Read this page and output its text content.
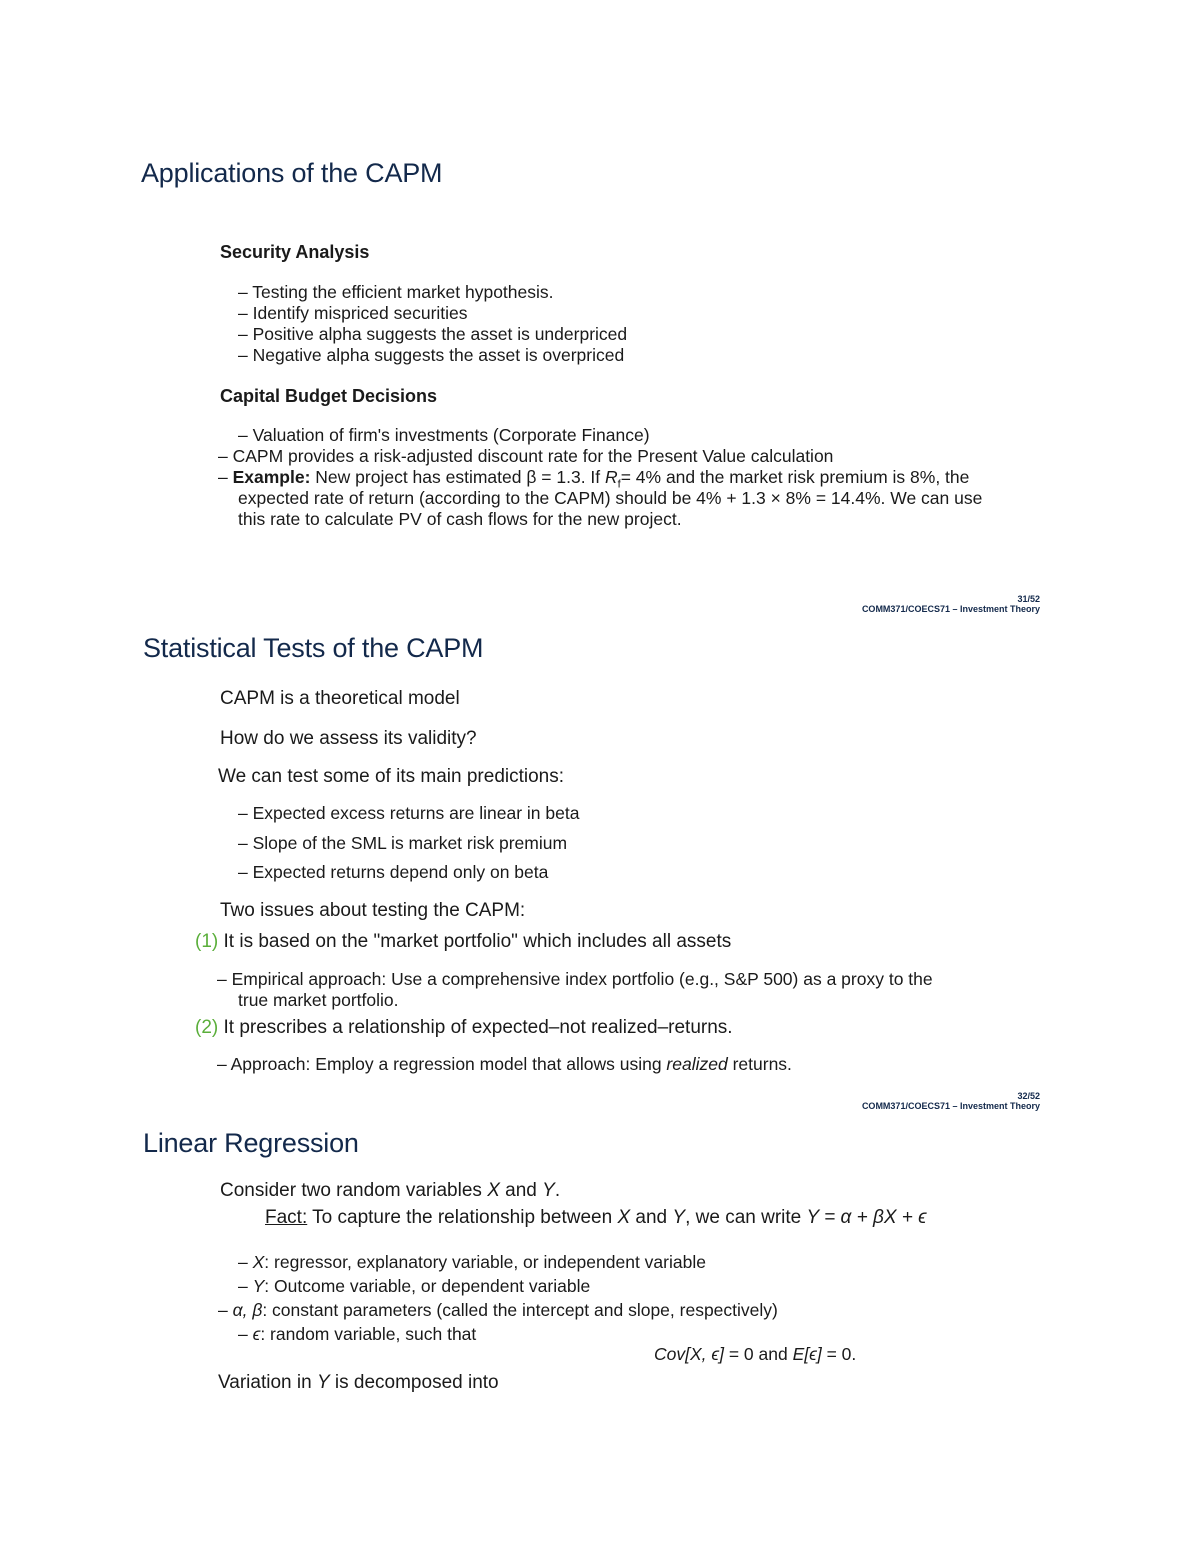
Applications of the CAPM
Security Analysis
– Testing the efficient market hypothesis.
– Identify mispriced securities
– Positive alpha suggests the asset is underpriced
– Negative alpha suggests the asset is overpriced
Capital Budget Decisions
– Valuation of firm's investments (Corporate Finance)
– CAPM provides a risk-adjusted discount rate for the Present Value calculation
– Example: New project has estimated β = 1.3. If $R_f= 4\%$ and the market risk premium is 8%, the
expected rate of return (according to the CAPM) should be 4% + 1.3 × 8% = 14.4%. We can use
this rate to calculate PV of cash flows for the new project.
31/52
COMM371/COECS71 – Investment Theory
Statistical Tests of the CAPM
CAPM is a theoretical model
How do we assess its validity?
We can test some of its main predictions:
– Expected excess returns are linear in beta
– Slope of the SML is market risk premium
– Expected returns depend only on beta
Two issues about testing the CAPM:
(1) It is based on the "market portfolio" which includes all assets
– Empirical approach: Use a comprehensive index portfolio (e.g., S&P 500) as a proxy to the
true market portfolio.
(2) It prescribes a relationship of expected–not realized–returns.
– Approach: Employ a regression model that allows using realized returns.
32/52
COMM371/COECS71 – Investment Theory
Linear Regression
Consider two random variables X and Y.
Fact: To capture the relationship between X and Y, we can write Y = α + βX + ϵ
– X: regressor, explanatory variable, or independent variable
– Y: Outcome variable, or dependent variable
– α, β: constant parameters (called the intercept and slope, respectively)
– ϵ: random variable, such that
Cov[X, ϵ] = 0 and E[ϵ] = 0.
Variation in Y is decomposed into
